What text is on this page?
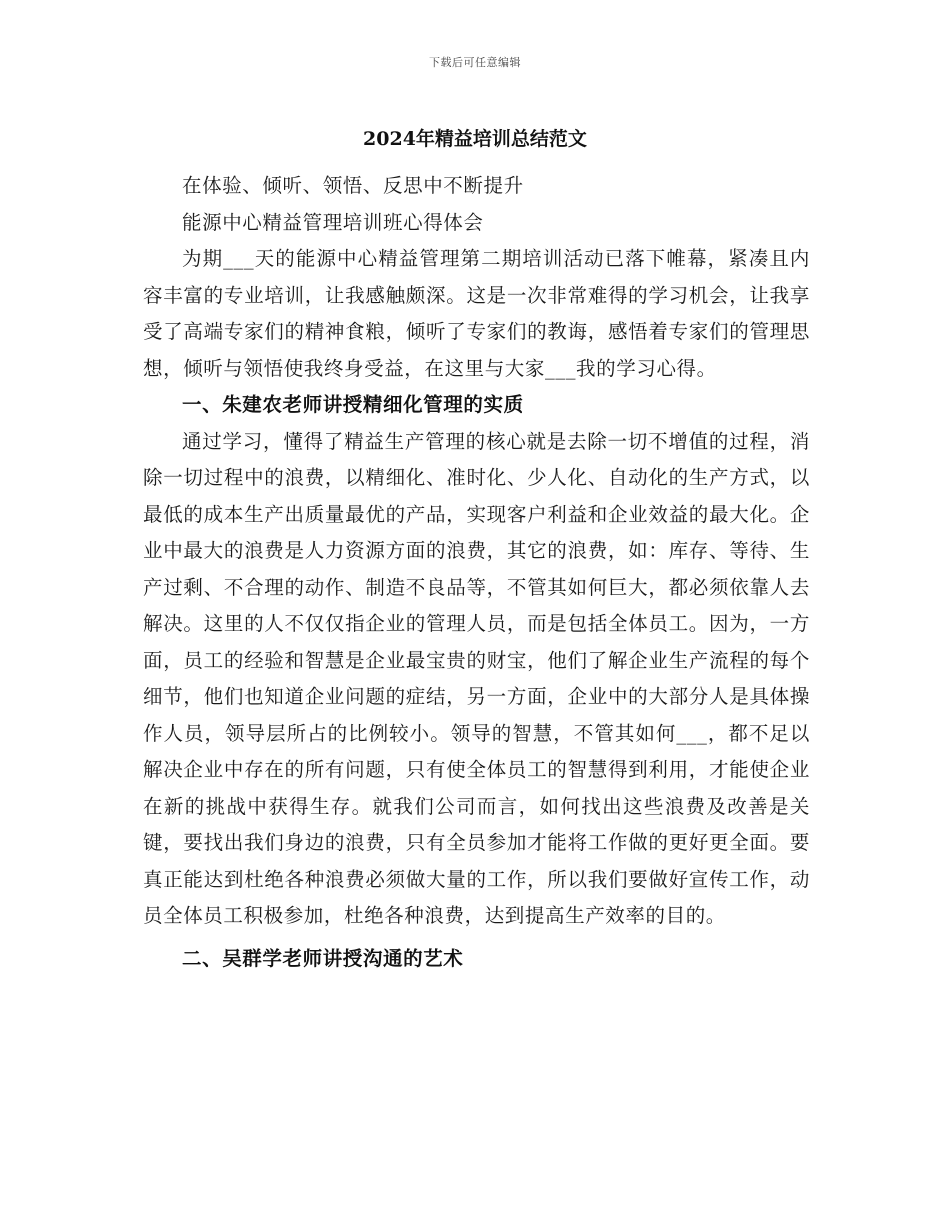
下载后可任意编辑
2024年精益培训总结范文

在体验、倾听、领悟、反思中不断提升

能源中心精益管理培训班心得体会

为期___天的能源中心精益管理第二期培训活动已落下帷幕，紧凑且内容丰富的专业培训，让我感触颇深。这是一次非常难得的学习机会，让我享受了高端专家们的精神食粮，倾听了专家们的教诲，感悟着专家们的管理思想，倾听与领悟使我终身受益，在这里与大家___我的学习心得。

一、朱建农老师讲授精细化管理的实质

通过学习，懂得了精益生产管理的核心就是去除一切不增值的过程，消除一切过程中的浪费，以精细化、准时化、少人化、自动化的生产方式，以最低的成本生产出质量最优的产品，实现客户利益和企业效益的最大化。企业中最大的浪费是人力资源方面的浪费，其它的浪费，如：库存、等待、生产过剩、不合理的动作、制造不良品等，不管其如何巨大，都必须依靠人去解决。这里的人不仅仅指企业的管理人员，而是包括全体员工。因为，一方面，员工的经验和智慧是企业最宝贵的财宝，他们了解企业生产流程的每个细节，他们也知道企业问题的症结，另一方面，企业中的大部分人是具体操作人员，领导层所占的比例较小。领导的智慧，不管其如何___，都不足以解决企业中存在的所有问题，只有使全体员工的智慧得到利用，才能使企业在新的挑战中获得生存。就我们公司而言，如何找出这些浪费及改善是关键，要找出我们身边的浪费，只有全员参加才能将工作做的更好更全面。要真正能达到杜绝各种浪费必须做大量的工作，所以我们要做好宣传工作，动员全体员工积极参加，杜绝各种浪费，达到提高生产效率的目的。

二、吴群学老师讲授沟通的艺术
